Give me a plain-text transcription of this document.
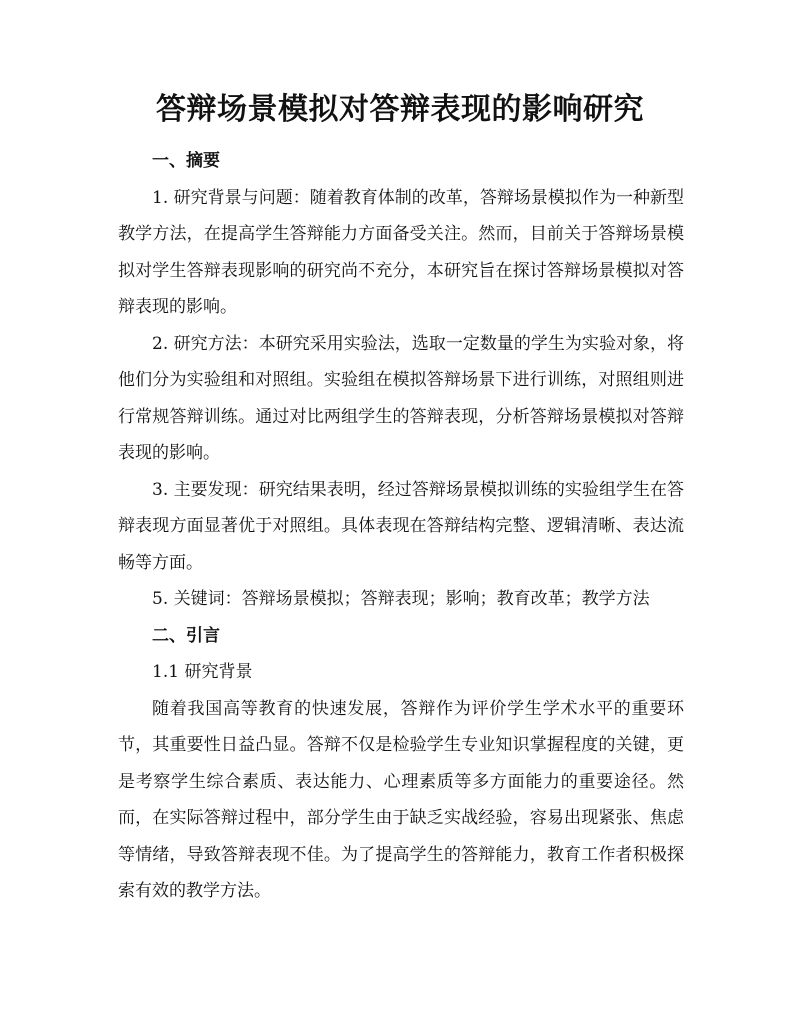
答辩场景模拟对答辩表现的影响研究

一、摘要

1. 研究背景与问题：随着教育体制的改革，答辩场景模拟作为一种新型教学方法，在提高学生答辩能力方面备受关注。然而，目前关于答辩场景模拟对学生答辩表现影响的研究尚不充分，本研究旨在探讨答辩场景模拟对答辩表现的影响。

2. 研究方法：本研究采用实验法，选取一定数量的学生为实验对象，将他们分为实验组和对照组。实验组在模拟答辩场景下进行训练，对照组则进行常规答辩训练。通过对比两组学生的答辩表现，分析答辩场景模拟对答辩表现的影响。

3. 主要发现：研究结果表明，经过答辩场景模拟训练的实验组学生在答辩表现方面显著优于对照组。具体表现在答辩结构完整、逻辑清晰、表达流畅等方面。

5. 关键词：答辩场景模拟；答辩表现；影响；教育改革；教学方法

二、引言

1.1 研究背景

随着我国高等教育的快速发展，答辩作为评价学生学术水平的重要环节，其重要性日益凸显。答辩不仅是检验学生专业知识掌握程度的关键，更是考察学生综合素质、表达能力、心理素质等多方面能力的重要途径。然而，在实际答辩过程中，部分学生由于缺乏实战经验，容易出现紧张、焦虑等情绪，导致答辩表现不佳。为了提高学生的答辩能力，教育工作者积极探索有效的教学方法。
